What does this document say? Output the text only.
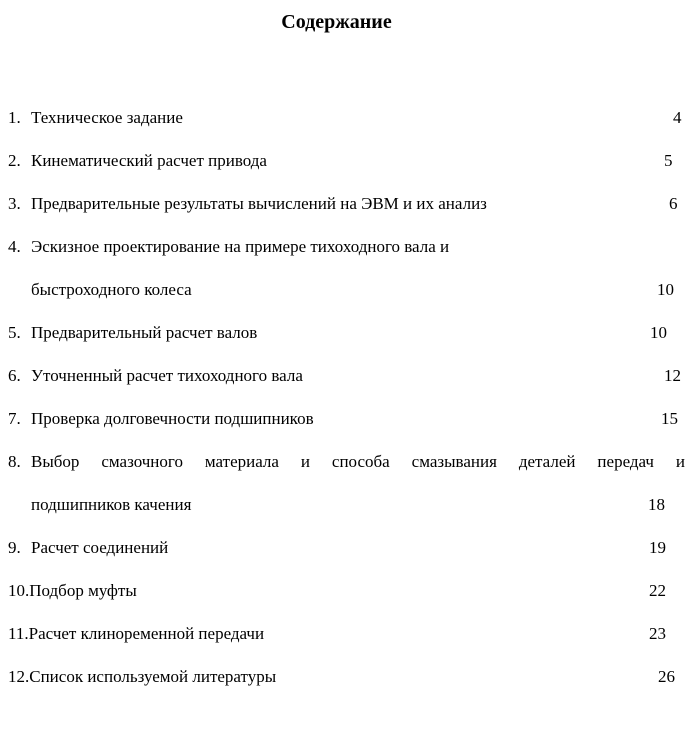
Содержание
1. Техническое задание	4
2. Кинематический расчет привода	5
3. Предварительные результаты вычислений на ЭВМ и их анализ	6
4. Эскизное проектирование на примере тихоходного вала и
быстроходного колеса	10
5. Предварительный расчет валов	10
6. Уточненный расчет тихоходного вала	12
7. Проверка долговечности подшипников	15
8. Выбор смазочного материала и способа смазывания деталей передач и
подшипников качения	18
9. Расчет соединений	19
10. Подбор муфты	22
11. Расчет клиноременной передачи	23
12. Список используемой литературы	26
